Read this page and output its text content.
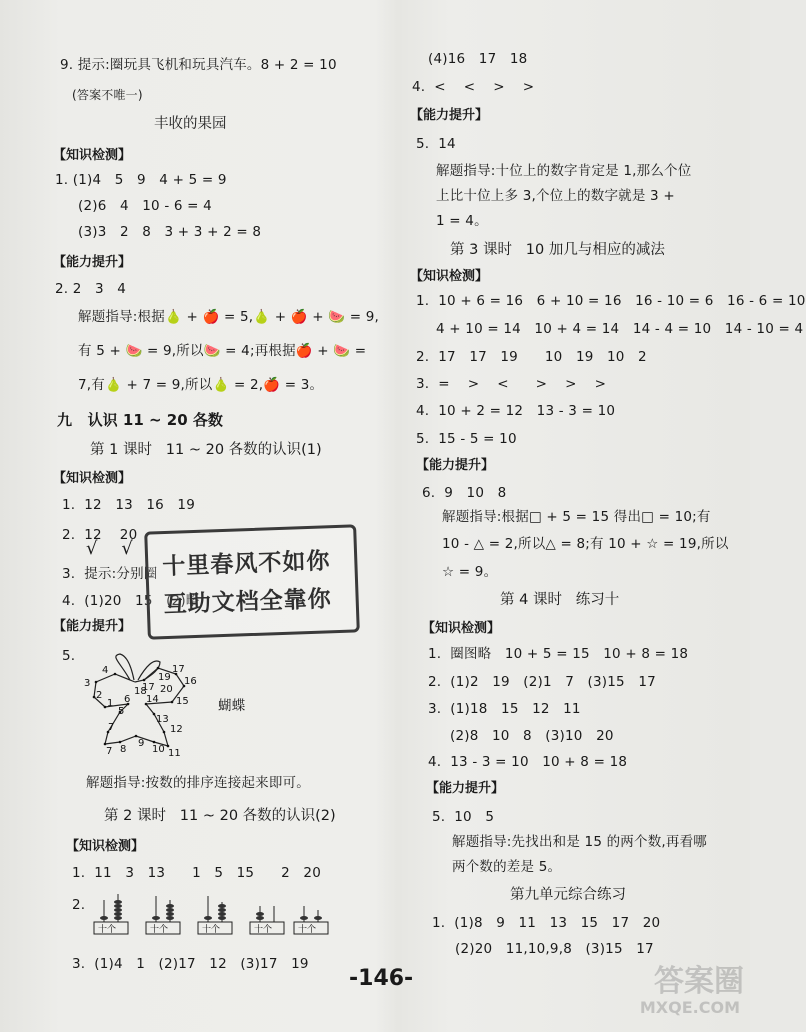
9. 提示:圈玩具飞机和玩具汽车。8 + 2 = 10
(答案不唯一)
丰收的果园
【知识检测】
1. (1)4   5   9   4 + 5 = 9
(2)6   4   10 - 6 = 4
(3)3   2   8   3 + 3 + 2 = 8
【能力提升】
2. 2   3   4
解题指导:根据🍐 + 🍎 = 5,🍐 + 🍎 + 🍉 = 9,
有 5 + 🍉 = 9,所以🍉 = 4;再根据🍎 + 🍉 =
7,有🍐 + 7 = 9,所以🍐 = 2,🍎 = 3。
九   认识 11 ~ 20 各数
第 1 课时   11 ~ 20 各数的认识(1)
【知识检测】
1.  12   13   16   19
2.  12    20
√    √
3.  提示:分别圈
4.  (1)20   15   (2)略
【能力提升】
5.
4
3
2
1
5
6
7
7 8
9
10 11
12
13
14 15
16
17
17
18
19
20
蝴蝶
解题指导:按数的排序连接起来即可。
第 2 课时   11 ~ 20 各数的认识(2)
【知识检测】
1.  11   3   13      1   5   15      2   20
2.
十个	十个	十个	十个	十个
3.  (1)4   1   (2)17   12   (3)17   19
十里春风不如你
互助文档全靠你
(4)16   17   18
4.  <    <    >    >
【能力提升】
5.  14
解题指导:十位上的数字肯定是 1,那么个位
上比十位上多 3,个位上的数字就是 3 +
1 = 4。
第 3 课时   10 加几与相应的减法
【知识检测】
1.  10 + 6 = 16   6 + 10 = 16   16 - 10 = 6   16 - 6 = 10
4 + 10 = 14   10 + 4 = 14   14 - 4 = 10   14 - 10 = 4
2.  17   17   19      10   19   10   2
3.  =    >    <      >    >    >
4.  10 + 2 = 12   13 - 3 = 10
5.  15 - 5 = 10
【能力提升】
6.  9   10   8
解题指导:根据□ + 5 = 15 得出□ = 10;有
10 - △ = 2,所以△ = 8;有 10 + ☆ = 19,所以
☆ = 9。
第 4 课时   练习十
【知识检测】
1.  圈图略   10 + 5 = 15   10 + 8 = 18
2.  (1)2   19   (2)1   7   (3)15   17
3.  (1)18   15   12   11
(2)8   10   8   (3)10   20
4.  13 - 3 = 10   10 + 8 = 18
【能力提升】
5.  10   5
解题指导:先找出和是 15 的两个数,再看哪
两个数的差是 5。
第九单元综合练习
1.  (1)8   9   11   13   15   17   20
(2)20   11,10,9,8   (3)15   17
-146-	答案圈
MXQE.COM
